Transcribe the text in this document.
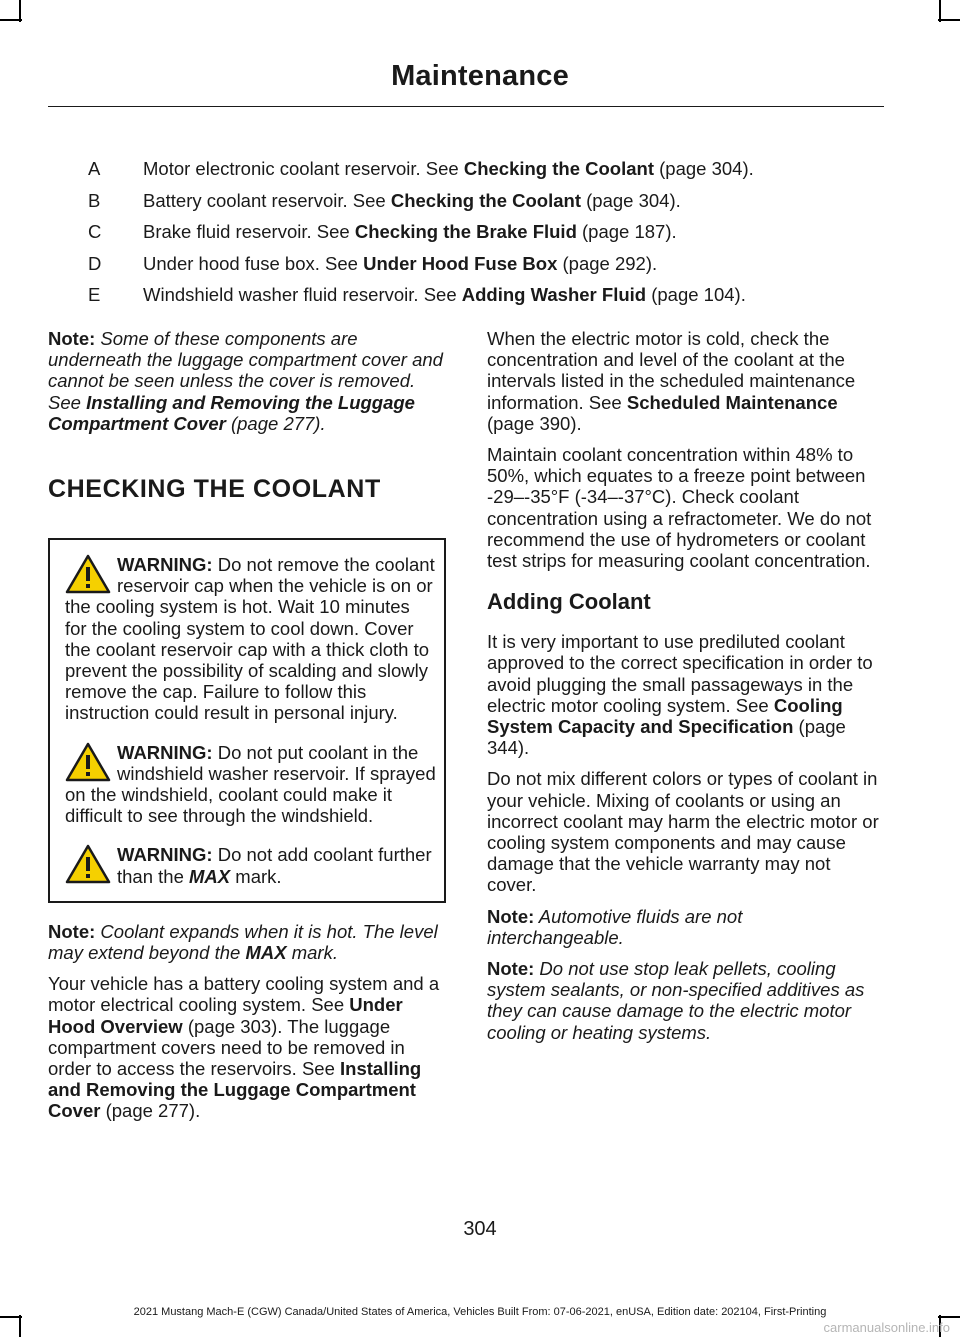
Maintenance
A	Motor electronic coolant reservoir. See Checking the Coolant (page 304).
B	Battery coolant reservoir. See Checking the Coolant (page 304).
C	Brake fluid reservoir. See Checking the Brake Fluid (page 187).
D	Under hood fuse box. See Under Hood Fuse Box (page 292).
E	Windshield washer fluid reservoir. See Adding Washer Fluid (page 104).

Note: Some of these components are underneath the luggage compartment cover and cannot be seen unless the cover is removed. See Installing and Removing the Luggage Compartment Cover (page 277).

CHECKING THE COOLANT
WARNING: Do not remove the coolant reservoir cap when the vehicle is on or the cooling system is hot. Wait 10 minutes for the cooling system to cool down. Cover the coolant reservoir cap with a thick cloth to prevent the possibility of scalding and slowly remove the cap. Failure to follow this instruction could result in personal injury.
WARNING: Do not put coolant in the windshield washer reservoir. If sprayed on the windshield, coolant could make it difficult to see through the windshield.
WARNING: Do not add coolant further than the MAX mark.

Note: Coolant expands when it is hot. The level may extend beyond the MAX mark.

Your vehicle has a battery cooling system and a motor electrical cooling system. See Under Hood Overview (page 303). The luggage compartment covers need to be removed in order to access the reservoirs. See Installing and Removing the Luggage Compartment Cover (page 277).

When the electric motor is cold, check the concentration and level of the coolant at the intervals listed in the scheduled maintenance information. See Scheduled Maintenance (page 390).

Maintain coolant concentration within 48% to 50%, which equates to a freeze point between -29–-35°F (-34–-37°C). Check coolant concentration using a refractometer. We do not recommend the use of hydrometers or coolant test strips for measuring coolant concentration.

Adding Coolant

It is very important to use prediluted coolant approved to the correct specification in order to avoid plugging the small passageways in the electric motor cooling system. See Cooling System Capacity and Specification (page 344).

Do not mix different colors or types of coolant in your vehicle. Mixing of coolants or using an incorrect coolant may harm the electric motor or cooling system components and may cause damage that the vehicle warranty may not cover.

Note: Automotive fluids are not interchangeable.

Note: Do not use stop leak pellets, cooling system sealants, or non-specified additives as they can cause damage to the electric motor cooling or heating systems.

304
2021 Mustang Mach-E (CGW) Canada/United States of America, Vehicles Built From: 07-06-2021, enUSA, Edition date: 202104, First-Printing
carmanualsonline.info
